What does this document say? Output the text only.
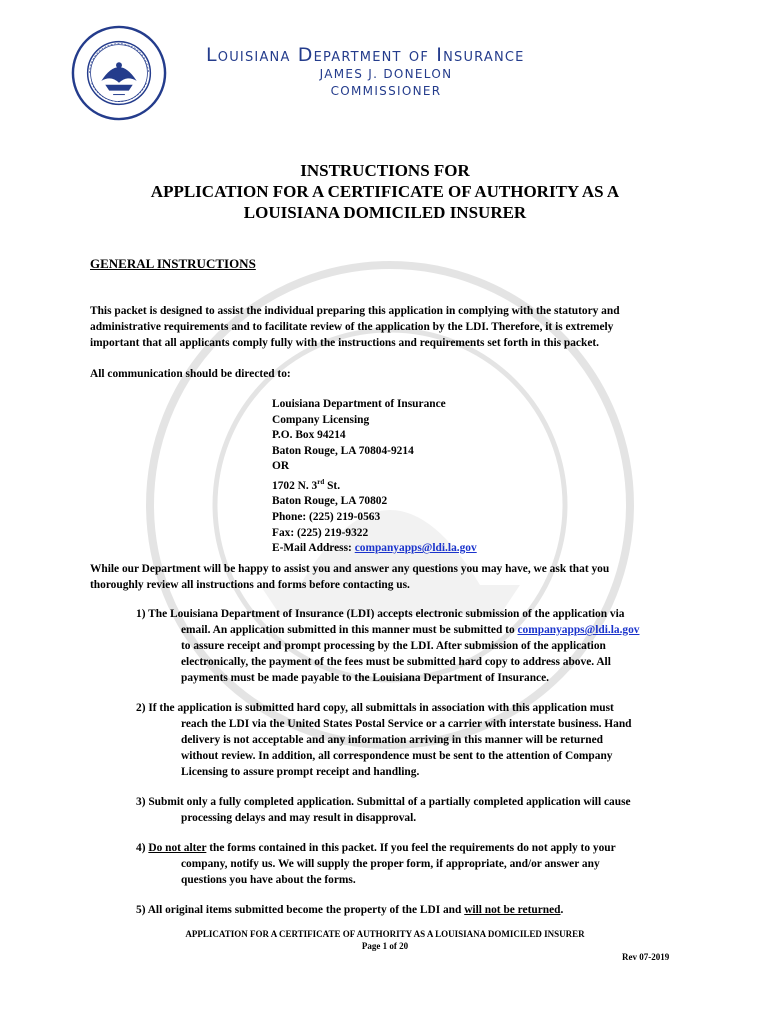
Louisiana Department of Insurance
JAMES J. DONELON
COMMISSIONER
INSTRUCTIONS FOR
APPLICATION FOR A CERTIFICATE OF AUTHORITY AS A
LOUISIANA DOMICILED INSURER
GENERAL INSTRUCTIONS
This packet is designed to assist the individual preparing this application in complying with the statutory and
administrative requirements and to facilitate review of the application by the LDI. Therefore, it is extremely
important that all applicants comply fully with the instructions and requirements set forth in this packet.
All communication should be directed to:
Louisiana Department of Insurance
Company Licensing
P.O. Box 94214
Baton Rouge, LA 70804-9214
OR
1702 N. 3rd St.
Baton Rouge, LA 70802
Phone: (225) 219-0563
Fax: (225) 219-9322
E-Mail Address: companyapps@ldi.la.gov
While our Department will be happy to assist you and answer any questions you may have, we ask that you
thoroughly review all instructions and forms before contacting us.
1) The Louisiana Department of Insurance (LDI) accepts electronic submission of the application via
email. An application submitted in this manner must be submitted to companyapps@ldi.la.gov
to assure receipt and prompt processing by the LDI. After submission of the application
electronically, the payment of the fees must be submitted hard copy to address above. All
payments must be made payable to the Louisiana Department of Insurance.
2) If the application is submitted hard copy, all submittals in association with this application must
reach the LDI via the United States Postal Service or a carrier with interstate business. Hand
delivery is not acceptable and any information arriving in this manner will be returned
without review. In addition, all correspondence must be sent to the attention of Company
Licensing to assure prompt receipt and handling.
3) Submit only a fully completed application. Submittal of a partially completed application will cause
processing delays and may result in disapproval.
4) Do not alter the forms contained in this packet. If you feel the requirements do not apply to your
company, notify us. We will supply the proper form, if appropriate, and/or answer any
questions you have about the forms.
5) All original items submitted become the property of the LDI and will not be returned.
APPLICATION FOR A CERTIFICATE OF AUTHORITY AS A LOUISIANA DOMICILED INSURER
Page 1 of 20
Rev 07-2019
